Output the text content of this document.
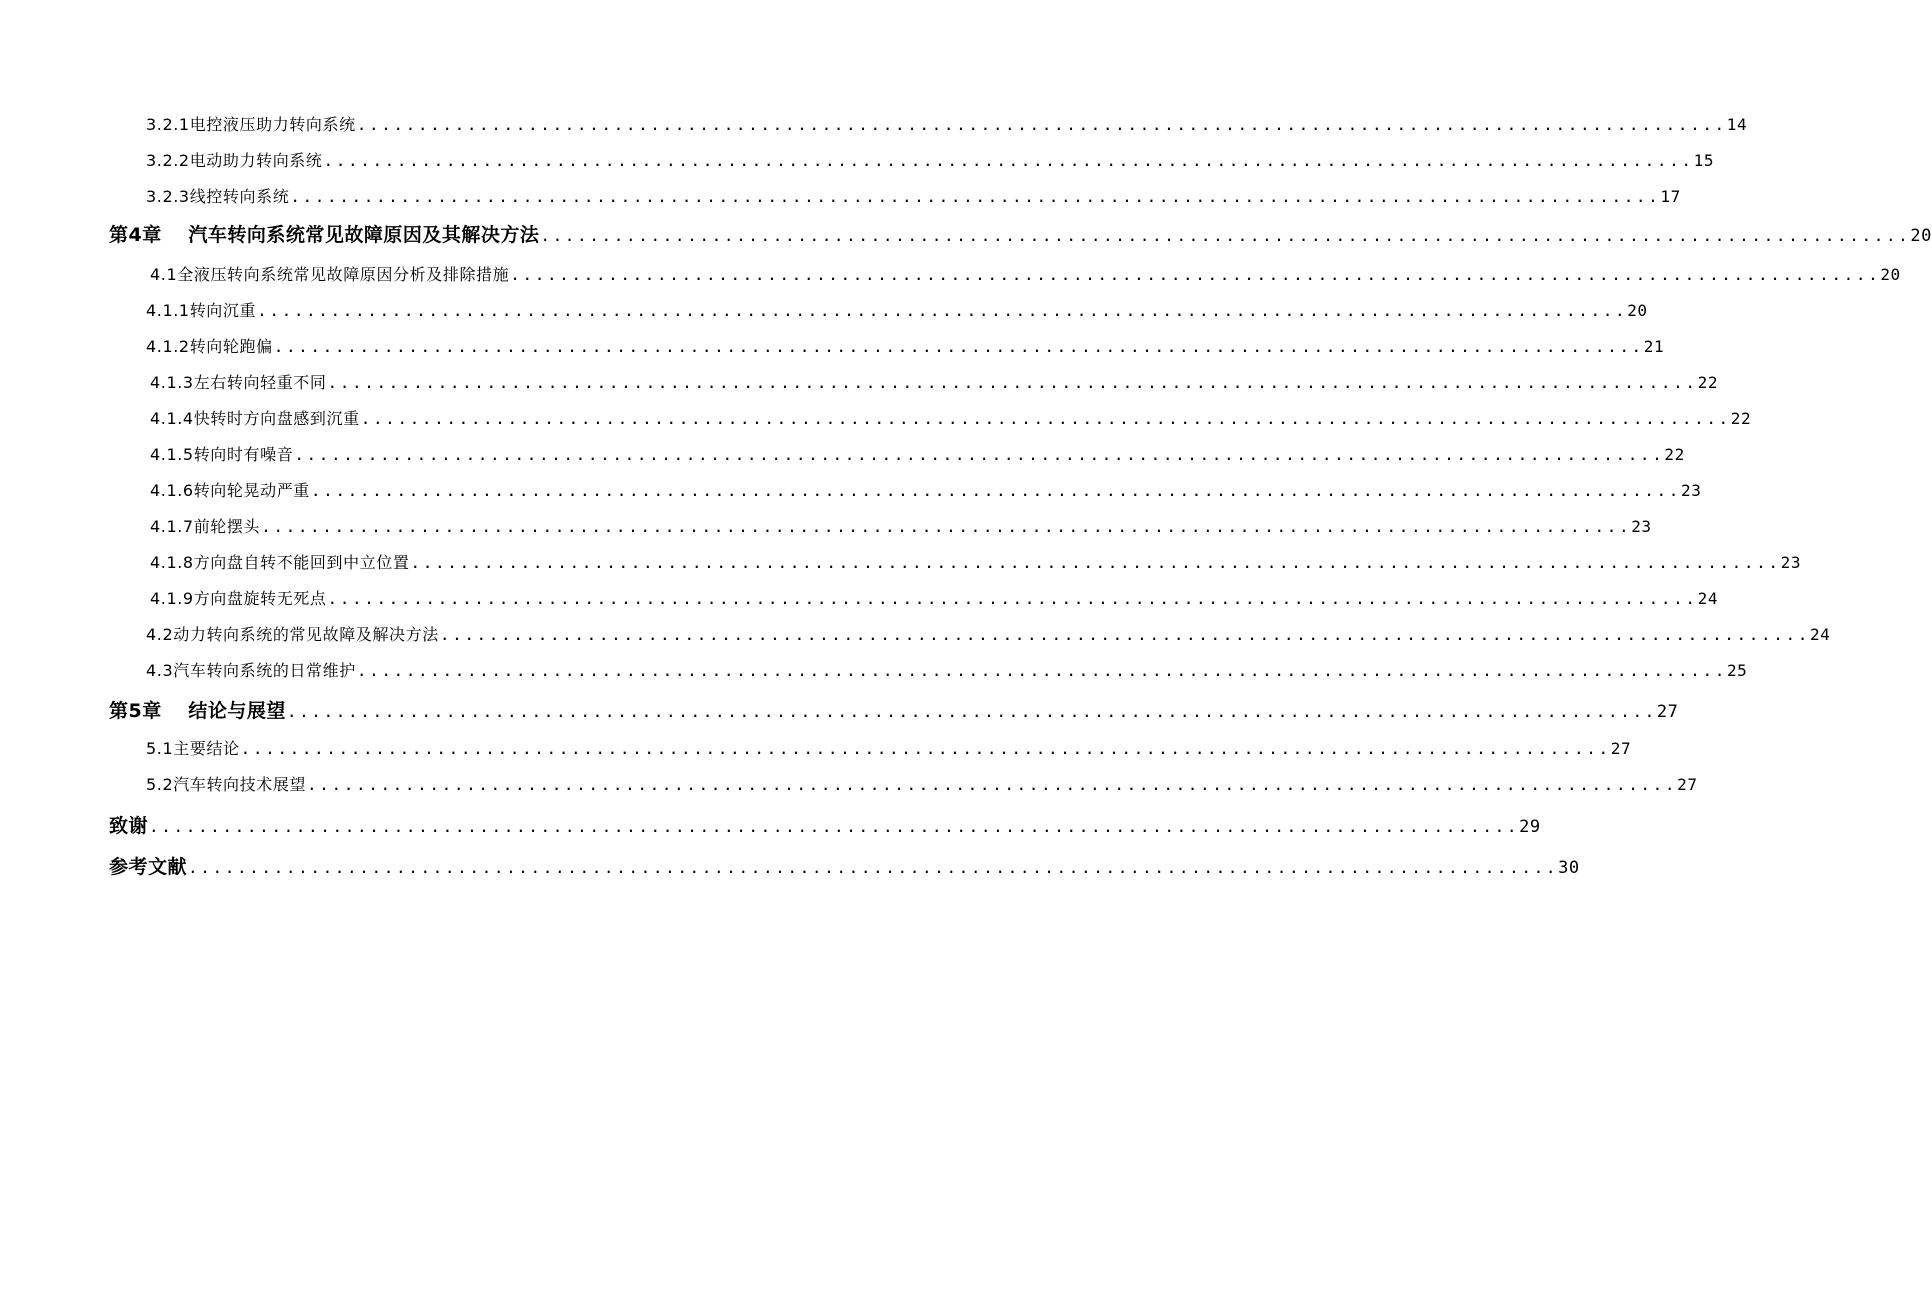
3.2.1电控液压助力转向系统 ................................................................................................................ 14
3.2.2电动助力转向系统 ................................................................................................................ 15
3.2.3线控转向系统 ................................................................................................................ 17
第4章　 汽车转向系统常见故障原因及其解决方法 ................................................................................................................ 20
4.1全液压转向系统常见故障原因分析及排除措施 ................................................................................................................ 20
4.1.1转向沉重 ................................................................................................................ 20
4.1.2转向轮跑偏 ................................................................................................................ 21
4.1.3左右转向轻重不同 ................................................................................................................ 22
4.1.4快转时方向盘感到沉重 ................................................................................................................ 22
4.1.5转向时有噪音 ................................................................................................................ 22
4.1.6转向轮晃动严重 ................................................................................................................ 23
4.1.7前轮摆头 ................................................................................................................ 23
4.1.8方向盘自转不能回到中立位置 ................................................................................................................ 23
4.1.9方向盘旋转无死点 ................................................................................................................ 24
4.2动力转向系统的常见故障及解决方法 ................................................................................................................ 24
4.3汽车转向系统的日常维护 ................................................................................................................ 25
第5章　 结论与展望 ................................................................................................................ 27
5.1主要结论 ................................................................................................................ 27
5.2汽车转向技术展望 ................................................................................................................ 27
致谢 ................................................................................................................ 29
参考文献 ................................................................................................................ 30
